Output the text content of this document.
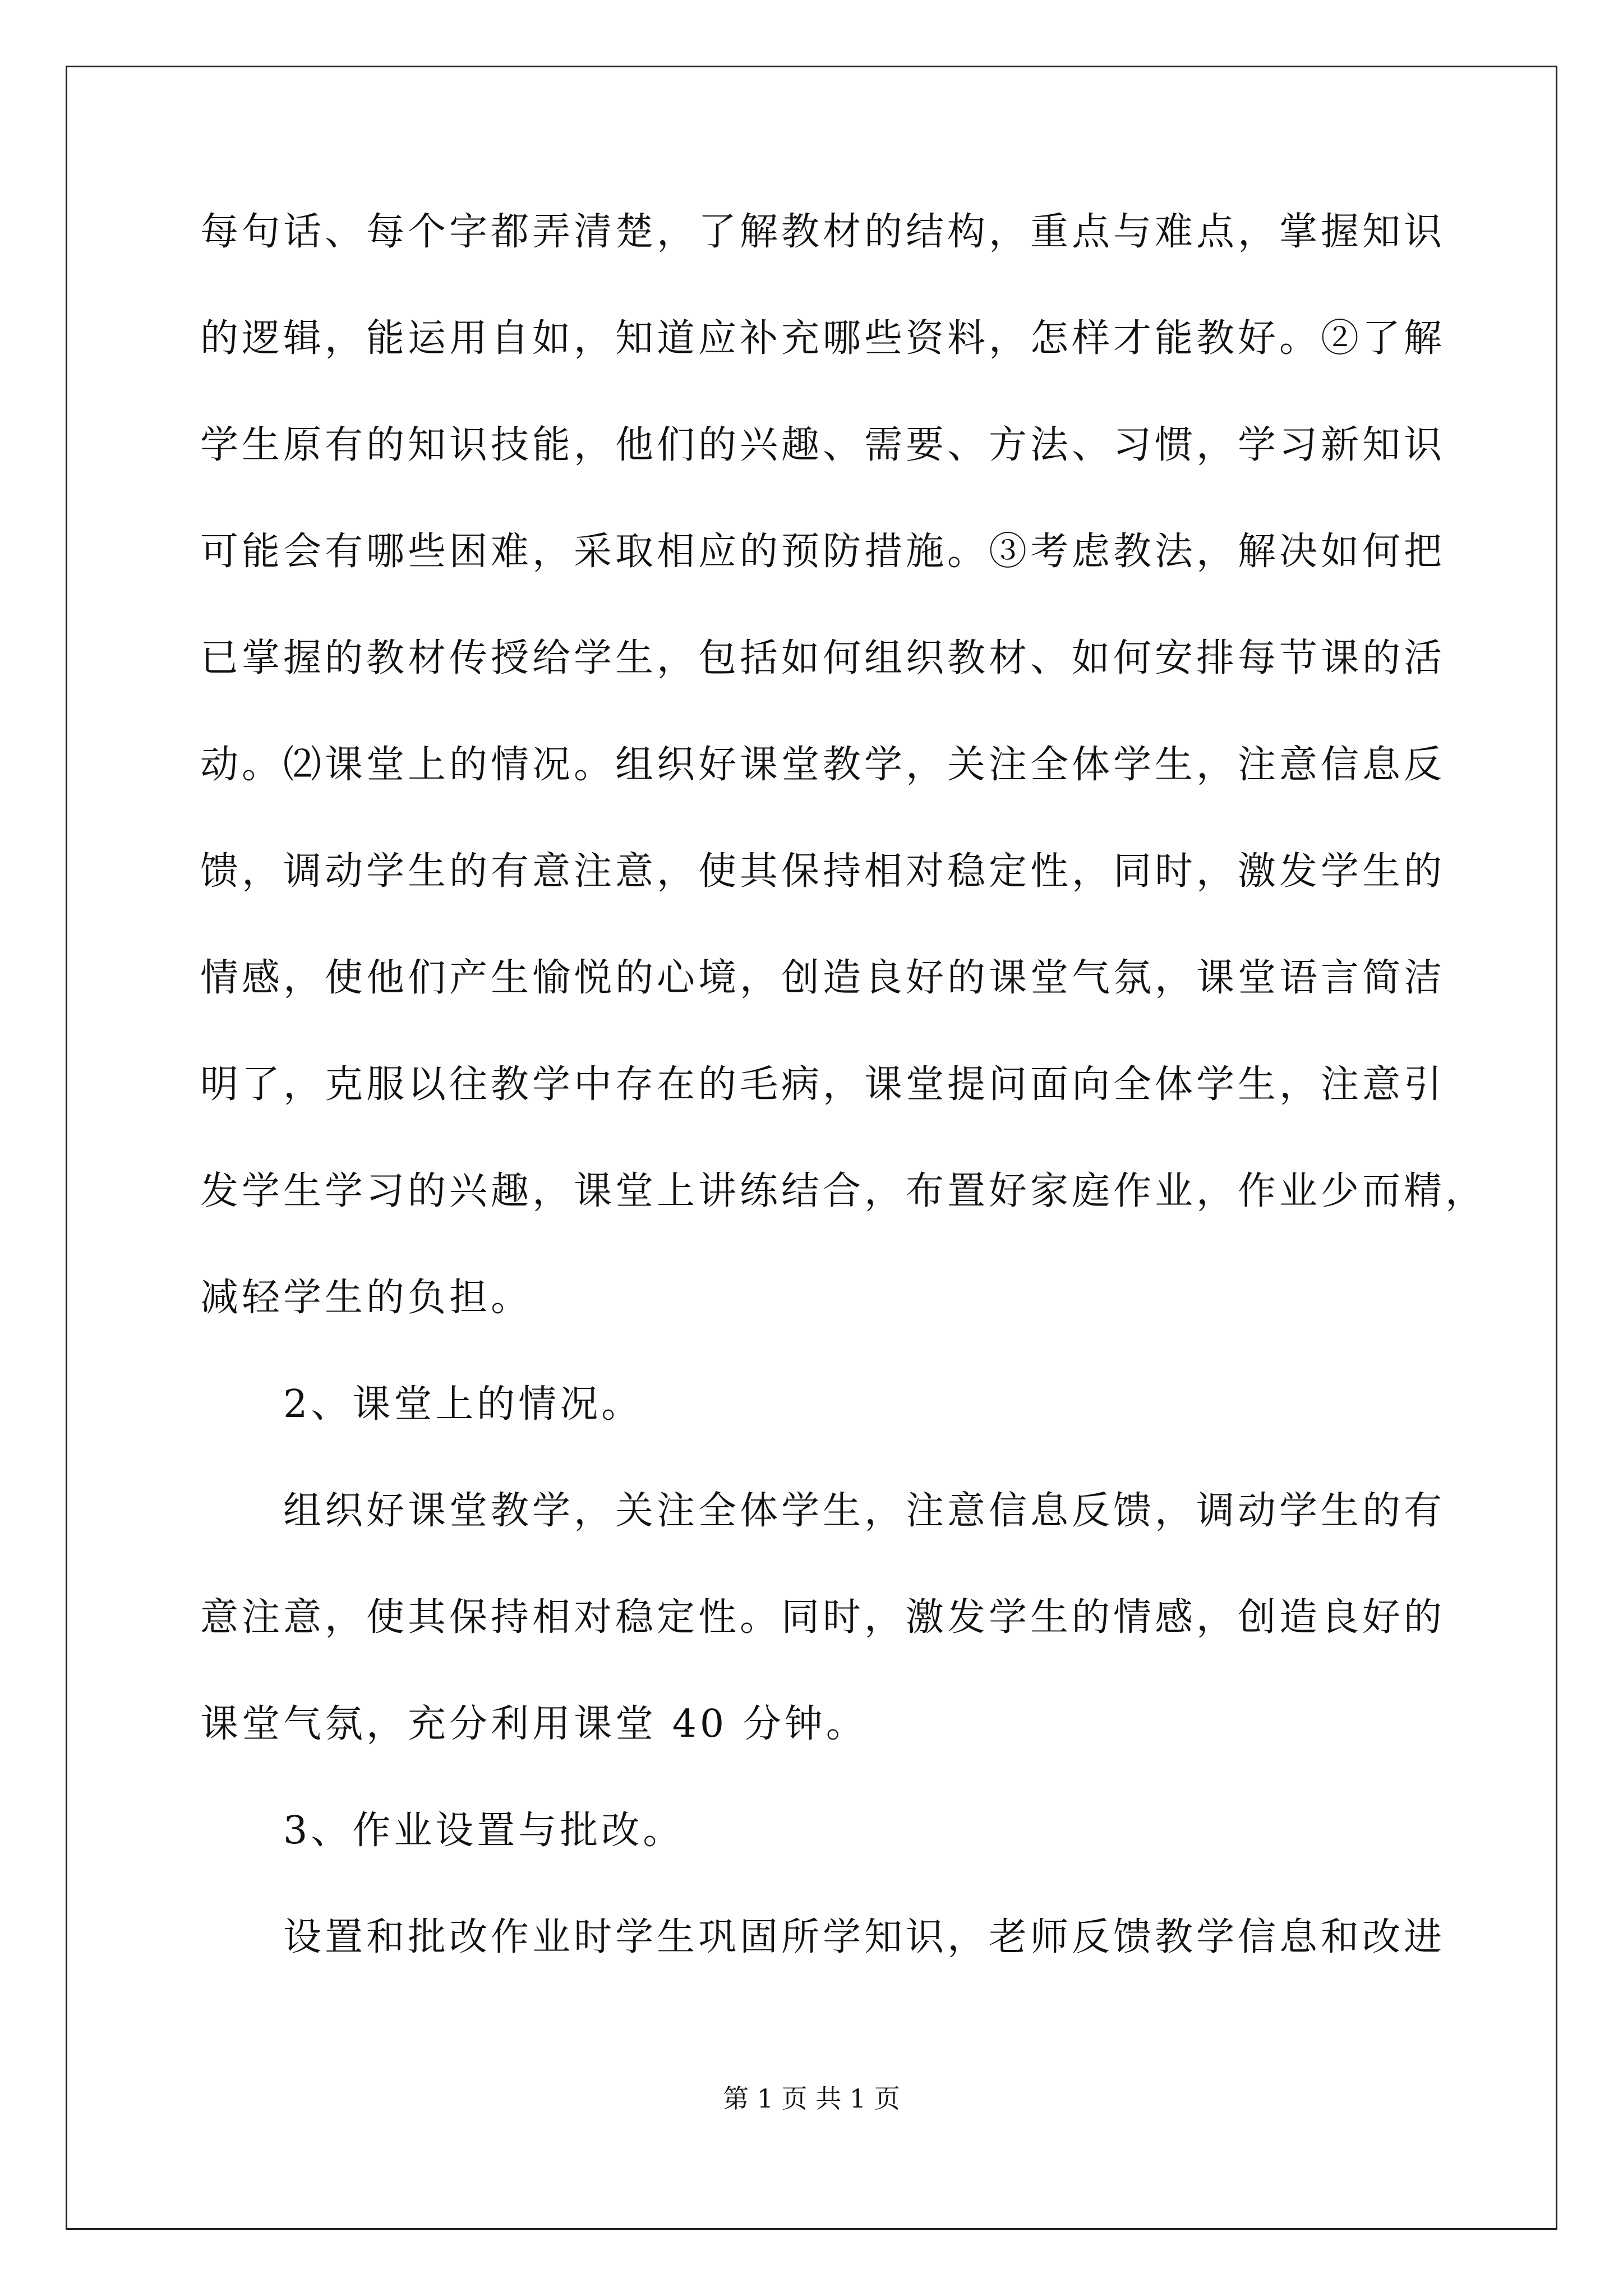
每句话、每个字都弄清楚，了解教材的结构，重点与难点，掌握知识
的逻辑，能运用自如，知道应补充哪些资料，怎样才能教好。②了解
学生原有的知识技能，他们的兴趣、需要、方法、习惯，学习新知识
可能会有哪些困难，采取相应的预防措施。③考虑教法，解决如何把
已掌握的教材传授给学生，包括如何组织教材、如何安排每节课的活
动。⑵课堂上的情况。组织好课堂教学，关注全体学生，注意信息反
馈，调动学生的有意注意，使其保持相对稳定性，同时，激发学生的
情感，使他们产生愉悦的心境，创造良好的课堂气氛，课堂语言简洁
明了，克服以往教学中存在的毛病，课堂提问面向全体学生，注意引
发学生学习的兴趣，课堂上讲练结合，布置好家庭作业，作业少而精，
减轻学生的负担。
2、课堂上的情况。
组织好课堂教学，关注全体学生，注意信息反馈，调动学生的有
意注意，使其保持相对稳定性。同时，激发学生的情感，创造良好的
课堂气氛，充分利用课堂 40 分钟。
3、作业设置与批改。
设置和批改作业时学生巩固所学知识，老师反馈教学信息和改进
第 1 页 共 1 页
